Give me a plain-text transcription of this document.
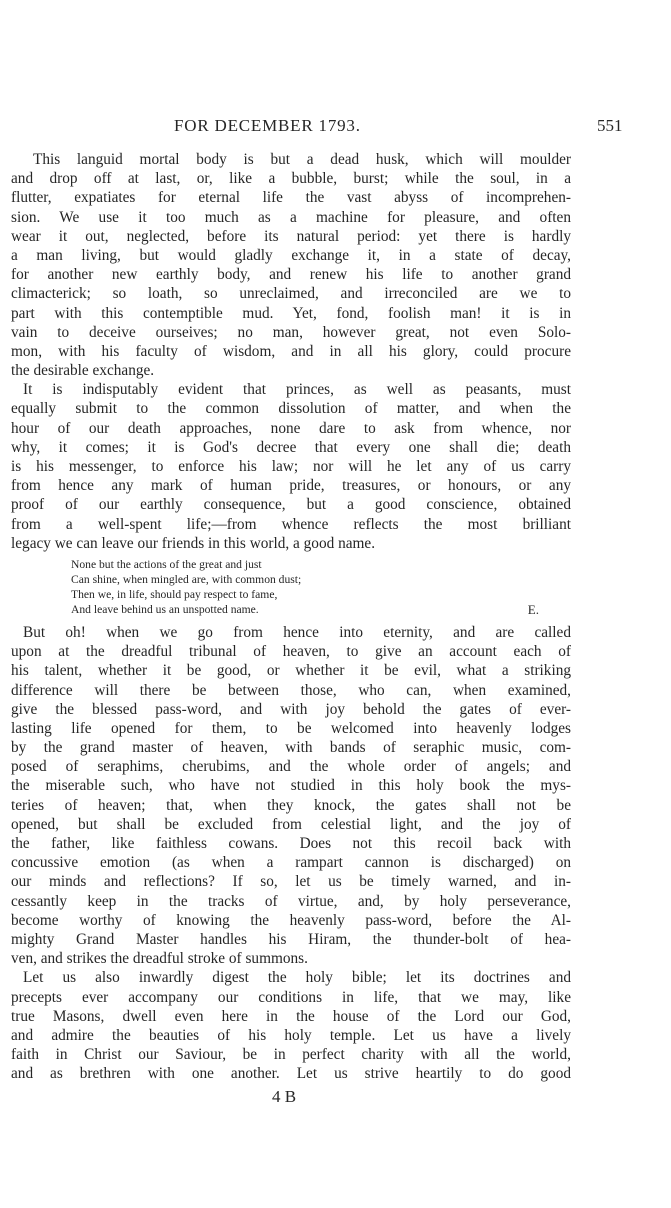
FOR DECEMBER 1793.	551
This languid mortal body is but a dead husk, which will moulder
and drop off at last, or, like a bubble, burst; while the soul, in a
flutter, expatiates for eternal life the vast abyss of incomprehen-
sion. We use it too much as a machine for pleasure, and often
wear it out, neglected, before its natural period: yet there is hardly
a man living, but would gladly exchange it, in a state of decay,
for another new earthly body, and renew his life to another grand
climacterick; so loath, so unreclaimed, and irreconciled are we to
part with this contemptible mud. Yet, fond, foolish man! it is in
vain to deceive ourseives; no man, however great, not even Solo-
mon, with his faculty of wisdom, and in all his glory, could procure
the desirable exchange.
It is indisputably evident that princes, as well as peasants, must
equally submit to the common dissolution of matter, and when the
hour of our death approaches, none dare to ask from whence, nor
why, it comes; it is God's decree that every one shall die; death
is his messenger, to enforce his law; nor will he let any of us carry
from hence any mark of human pride, treasures, or honours, or any
proof of our earthly consequence, but a good conscience, obtained
from a well-spent life;—from whence reflects the most brilliant
legacy we can leave our friends in this world, a good name.
None but the actions of the great and just
Can shine, when mingled are, with common dust;
Then we, in life, should pay respect to fame,
And leave behind us an unspotted name.	E.
But oh! when we go from hence into eternity, and are called
upon at the dreadful tribunal of heaven, to give an account each of
his talent, whether it be good, or whether it be evil, what a striking
difference will there be between those, who can, when examined,
give the blessed pass-word, and with joy behold the gates of ever-
lasting life opened for them, to be welcomed into heavenly lodges
by the grand master of heaven, with bands of seraphic music, com-
posed of seraphims, cherubims, and the whole order of angels; and
the miserable such, who have not studied in this holy book the mys-
teries of heaven; that, when they knock, the gates shall not be
opened, but shall be excluded from celestial light, and the joy of
the father, like faithless cowans. Does not this recoil back with
concussive emotion (as when a rampart cannon is discharged) on
our minds and reflections? If so, let us be timely warned, and in-
cessantly keep in the tracks of virtue, and, by holy perseverance,
become worthy of knowing the heavenly pass-word, before the Al-
mighty Grand Master handles his Hiram, the thunder-bolt of hea-
ven, and strikes the dreadful stroke of summons.
Let us also inwardly digest the holy bible; let its doctrines and
precepts ever accompany our conditions in life, that we may, like
true Masons, dwell even here in the house of the Lord our God,
and admire the beauties of his holy temple. Let us have a lively
faith in Christ our Saviour, be in perfect charity with all the world,
and as brethren with one another. Let us strive heartily to do good
4 B
